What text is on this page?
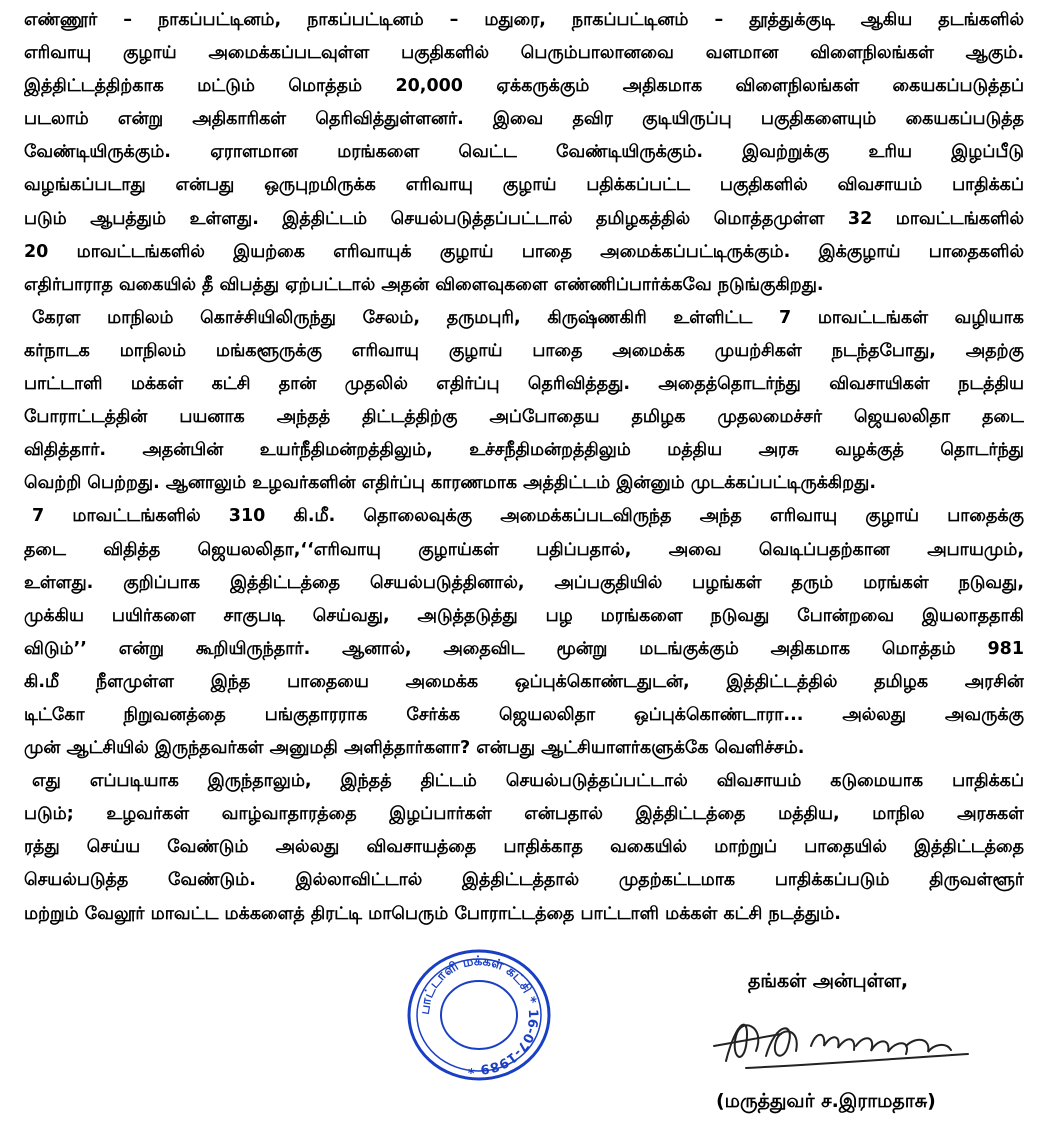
எண்ணூர் – நாகப்பட்டினம், நாகப்பட்டினம் – மதுரை, நாகப்பட்டினம் – தூத்துக்குடி ஆகிய தடங்களில்
எரிவாயு குழாய் அமைக்கப்படவுள்ள பகுதிகளில் பெரும்பாலானவை வளமான விளைநிலங்கள் ஆகும்.
இத்திட்டத்திற்காக மட்டும் மொத்தம் 20,000 ஏக்கருக்கும் அதிகமாக விளைநிலங்கள் கையகப்படுத்தப்
படலாம் என்று அதிகாரிகள் தெரிவித்துள்ளனர். இவை தவிர குடியிருப்பு பகுதிகளையும் கையகப்படுத்த
வேண்டியிருக்கும். ஏராளமான மரங்களை வெட்ட வேண்டியிருக்கும். இவற்றுக்கு உரிய இழப்பீடு
வழங்கப்படாது என்பது ஒருபுறமிருக்க எரிவாயு குழாய் பதிக்கப்பட்ட பகுதிகளில் விவசாயம் பாதிக்கப்
படும் ஆபத்தும் உள்ளது. இத்திட்டம் செயல்படுத்தப்பட்டால் தமிழகத்தில் மொத்தமுள்ள 32 மாவட்டங்களில்
20 மாவட்டங்களில் இயற்கை எரிவாயுக் குழாய் பாதை அமைக்கப்பட்டிருக்கும். இக்குழாய் பாதைகளில்
எதிர்பாராத வகையில் தீ விபத்து ஏற்பட்டால் அதன் விளைவுகளை எண்ணிப்பார்க்கவே நடுங்குகிறது.
கேரள மாநிலம் கொச்சியிலிருந்து சேலம், தருமபுரி, கிருஷ்ணகிரி உள்ளிட்ட 7 மாவட்டங்கள் வழியாக
கர்நாடக மாநிலம் மங்களூருக்கு எரிவாயு குழாய் பாதை அமைக்க முயற்சிகள் நடந்தபோது, அதற்கு
பாட்டாளி மக்கள் கட்சி தான் முதலில் எதிர்ப்பு தெரிவித்தது. அதைத்தொடர்ந்து விவசாயிகள் நடத்திய
போராட்டத்தின் பயனாக அந்தத் திட்டத்திற்கு அப்போதைய தமிழக முதலமைச்சர் ஜெயலலிதா தடை
விதித்தார். அதன்பின் உயர்நீதிமன்றத்திலும், உச்சநீதிமன்றத்திலும் மத்திய அரசு வழக்குத் தொடர்ந்து
வெற்றி பெற்றது. ஆனாலும் உழவர்களின் எதிர்ப்பு காரணமாக அத்திட்டம் இன்னும் முடக்கப்பட்டிருக்கிறது.
7 மாவட்டங்களில் 310 கி.மீ. தொலைவுக்கு அமைக்கப்படவிருந்த அந்த எரிவாயு குழாய் பாதைக்கு
தடை விதித்த ஜெயலலிதா,‘‘எரிவாயு குழாய்கள் பதிப்பதால், அவை வெடிப்பதற்கான அபாயமும்,
உள்ளது. குறிப்பாக இத்திட்டத்தை செயல்படுத்தினால், அப்பகுதியில் பழங்கள் தரும் மரங்கள் நடுவது,
முக்கிய பயிர்களை சாகுபடி செய்வது, அடுத்தடுத்து பழ மரங்களை நடுவது போன்றவை இயலாததாகி
விடும்’’ என்று கூறியிருந்தார். ஆனால், அதைவிட மூன்று மடங்குக்கும் அதிகமாக மொத்தம் 981
கி.மீ நீளமுள்ள இந்த பாதையை அமைக்க ஒப்புக்கொண்டதுடன், இத்திட்டத்தில் தமிழக அரசின்
டிட்கோ நிறுவனத்தை பங்குதாரராக சேர்க்க ஜெயலலிதா ஒப்புக்கொண்டாரா... அல்லது அவருக்கு
முன் ஆட்சியில் இருந்தவர்கள் அனுமதி அளித்தார்களா? என்பது ஆட்சியாளர்களுக்கே வெளிச்சம்.
எது எப்படியாக இருந்தாலும், இந்தத் திட்டம் செயல்படுத்தப்பட்டால் விவசாயம் கடுமையாக பாதிக்கப்
படும்; உழவர்கள் வாழ்வாதாரத்தை இழப்பார்கள் என்பதால் இத்திட்டத்தை மத்திய, மாநில அரசுகள்
ரத்து செய்ய வேண்டும் அல்லது விவசாயத்தை பாதிக்காத வகையில் மாற்றுப் பாதையில் இத்திட்டத்தை
செயல்படுத்த வேண்டும். இல்லாவிட்டால் இத்திட்டத்தால் முதற்கட்டமாக பாதிக்கப்படும் திருவள்ளூர்
மற்றும் வேலூர் மாவட்ட மக்களைத் திரட்டி மாபெரும் போராட்டத்தை பாட்டாளி மக்கள் கட்சி நடத்தும்.
பாட்டாளி மக்கள் கட்சி * 16-07-1989 *
தங்கள் அன்புள்ள,
(மருத்துவர் ச.இராமதாசு)
